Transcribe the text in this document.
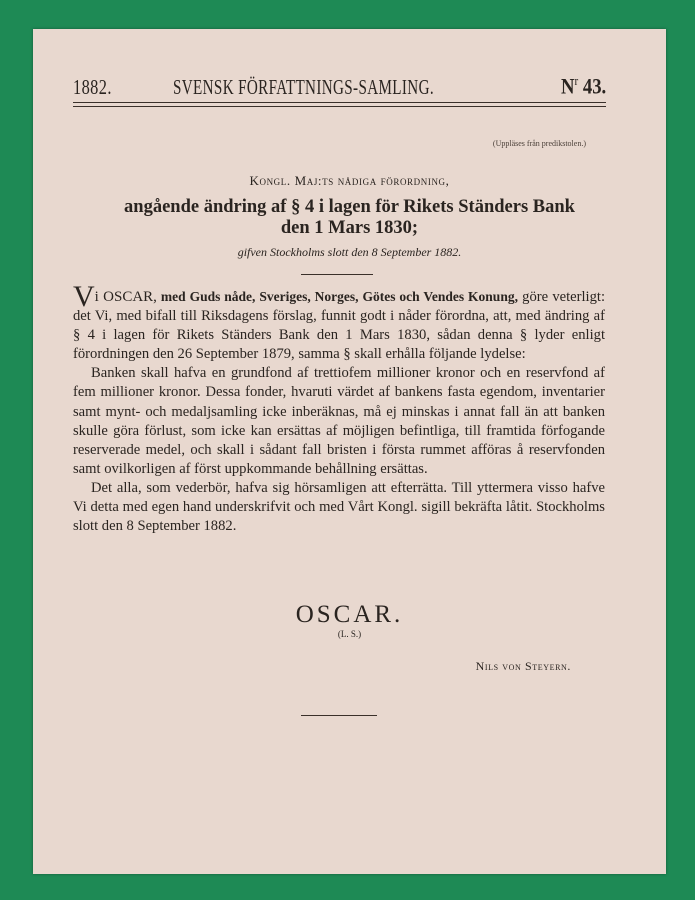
1882.	SVENSK FÖRFATTNINGS-SAMLING.	$N^r$ 43.
(Uppläses från predikstolen.)
Kongl. Maj:ts nådiga förordning,
angående ändring af § 4 i lagen för Rikets Ständers Bank
den 1 Mars 1830;
gifven Stockholms slott den 8 September 1882.

Vi OSCAR, med Guds nåde, Sveriges, Norges, Götes och Vendes Konung, göre veterligt: det Vi, med bifall till Riksdagens förslag, funnit godt i nåder förordna, att, med ändring af § 4 i lagen för Rikets Ständers Bank den 1 Mars 1830, sådan denna § lyder enligt förordningen den 26 September 1879, samma § skall erhålla följande lydelse:

Banken skall hafva en grundfond af trettiofem millioner kronor och en reservfond af fem millioner kronor. Dessa fonder, hvaruti värdet af bankens fasta egendom, inventarier samt mynt- och medaljsamling icke inberäknas, må ej minskas i annat fall än att banken skulle göra förlust, som icke kan ersättas af möjligen befintliga, till framtida förfogande reserverade medel, och skall i sådant fall bristen i första rummet afföras å reservfonden samt ovilkorligen af först uppkommande behållning ersättas.

Det alla, som vederbör, hafva sig hörsamligen att efterrätta. Till yttermera visso hafve Vi detta med egen hand underskrifvit och med Vårt Kongl. sigill bekräfta låtit. Stockholms slott den 8 September 1882.

OSCAR.
(L. S.)
Nils von Steyern.
